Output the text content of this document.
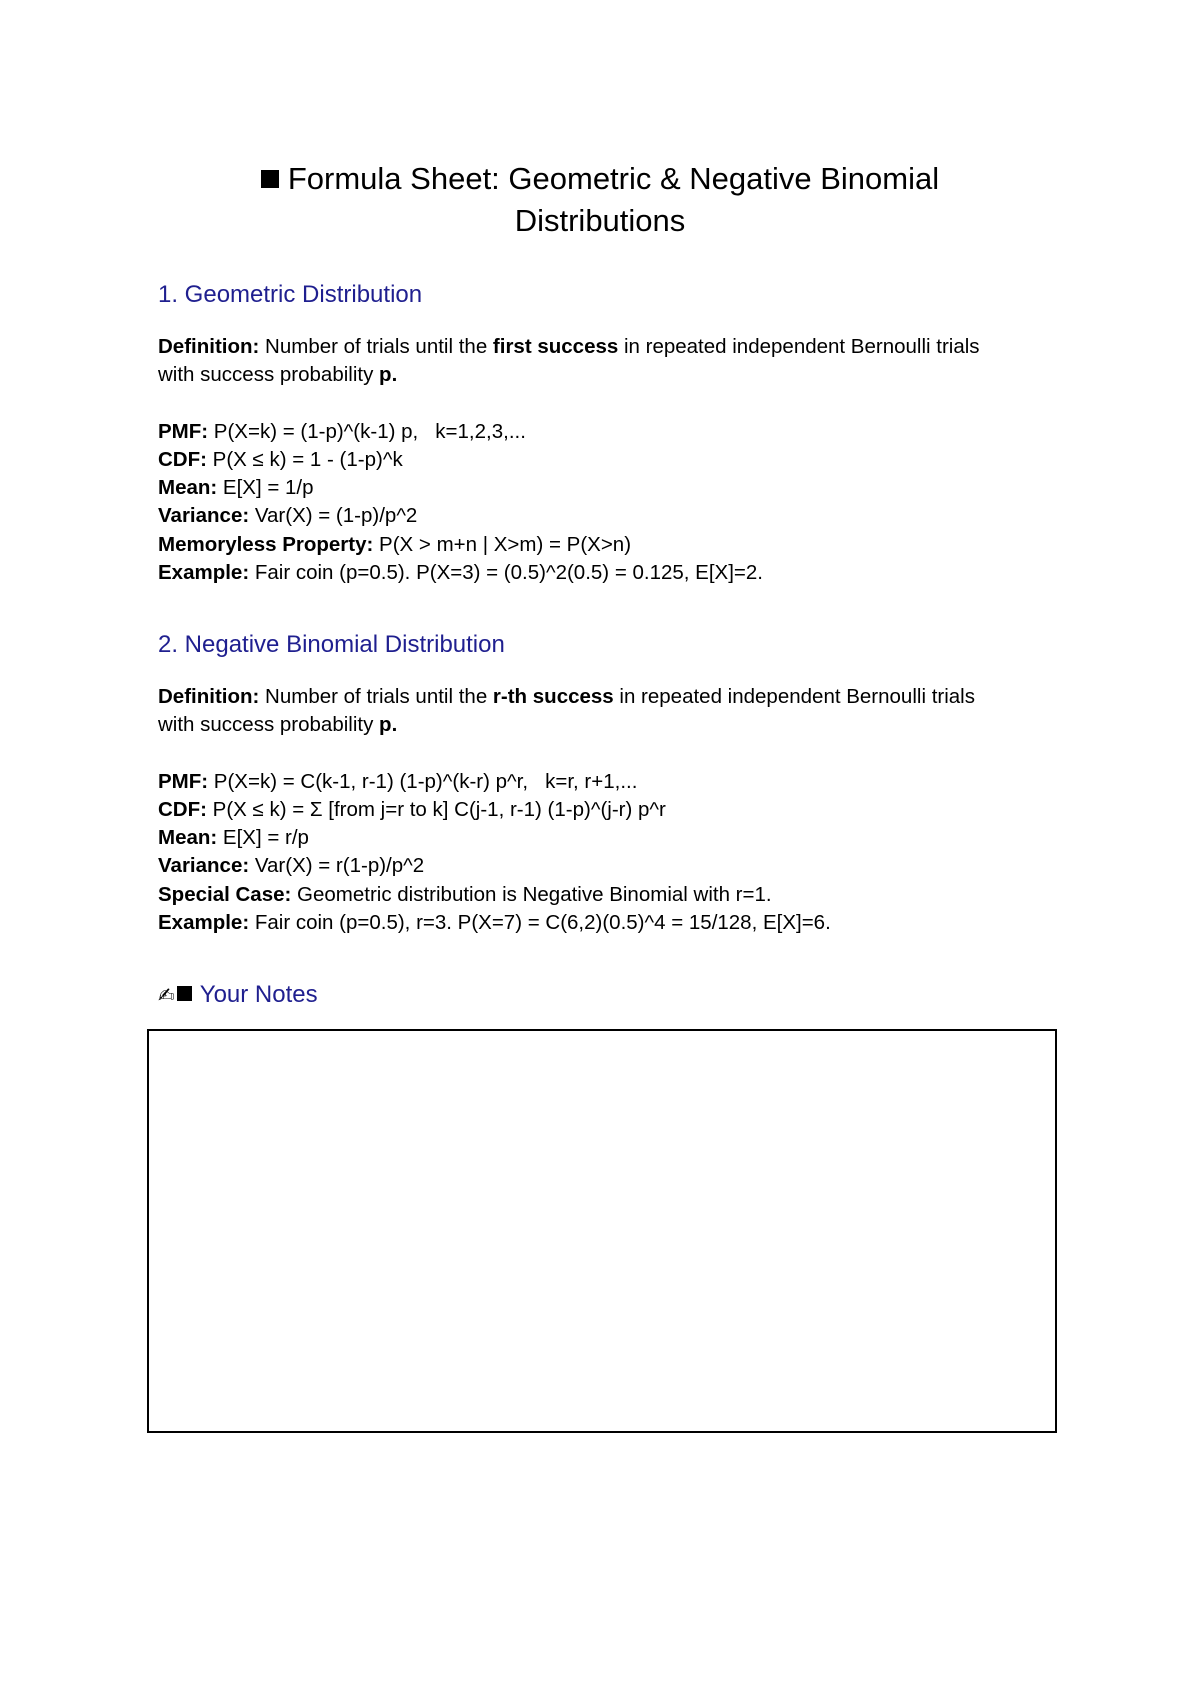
Formula Sheet: Geometric & Negative Binomial
Distributions
1. Geometric Distribution
Definition: Number of trials until the first success in repeated independent Bernoulli trials
with success probability p.
PMF: P(X=k) = (1-p)^(k-1) p,   k=1,2,3,...
CDF: P(X ≤ k) = 1 - (1-p)^k
Mean: E[X] = 1/p
Variance: Var(X) = (1-p)/p^2
Memoryless Property: P(X > m+n | X>m) = P(X>n)
Example: Fair coin (p=0.5). P(X=3) = (0.5)^2(0.5) = 0.125, E[X]=2.
2. Negative Binomial Distribution
Definition: Number of trials until the r-th success in repeated independent Bernoulli trials
with success probability p.
PMF: P(X=k) = C(k-1, r-1) (1-p)^(k-r) p^r,   k=r, r+1,...
CDF: P(X ≤ k) = Σ [from j=r to k] C(j-1, r-1) (1-p)^(j-r) p^r
Mean: E[X] = r/p
Variance: Var(X) = r(1-p)/p^2
Special Case: Geometric distribution is Negative Binomial with r=1.
Example: Fair coin (p=0.5), r=3. P(X=7) = C(6,2)(0.5)^4 = 15/128, E[X]=6.
✍ Your Notes
